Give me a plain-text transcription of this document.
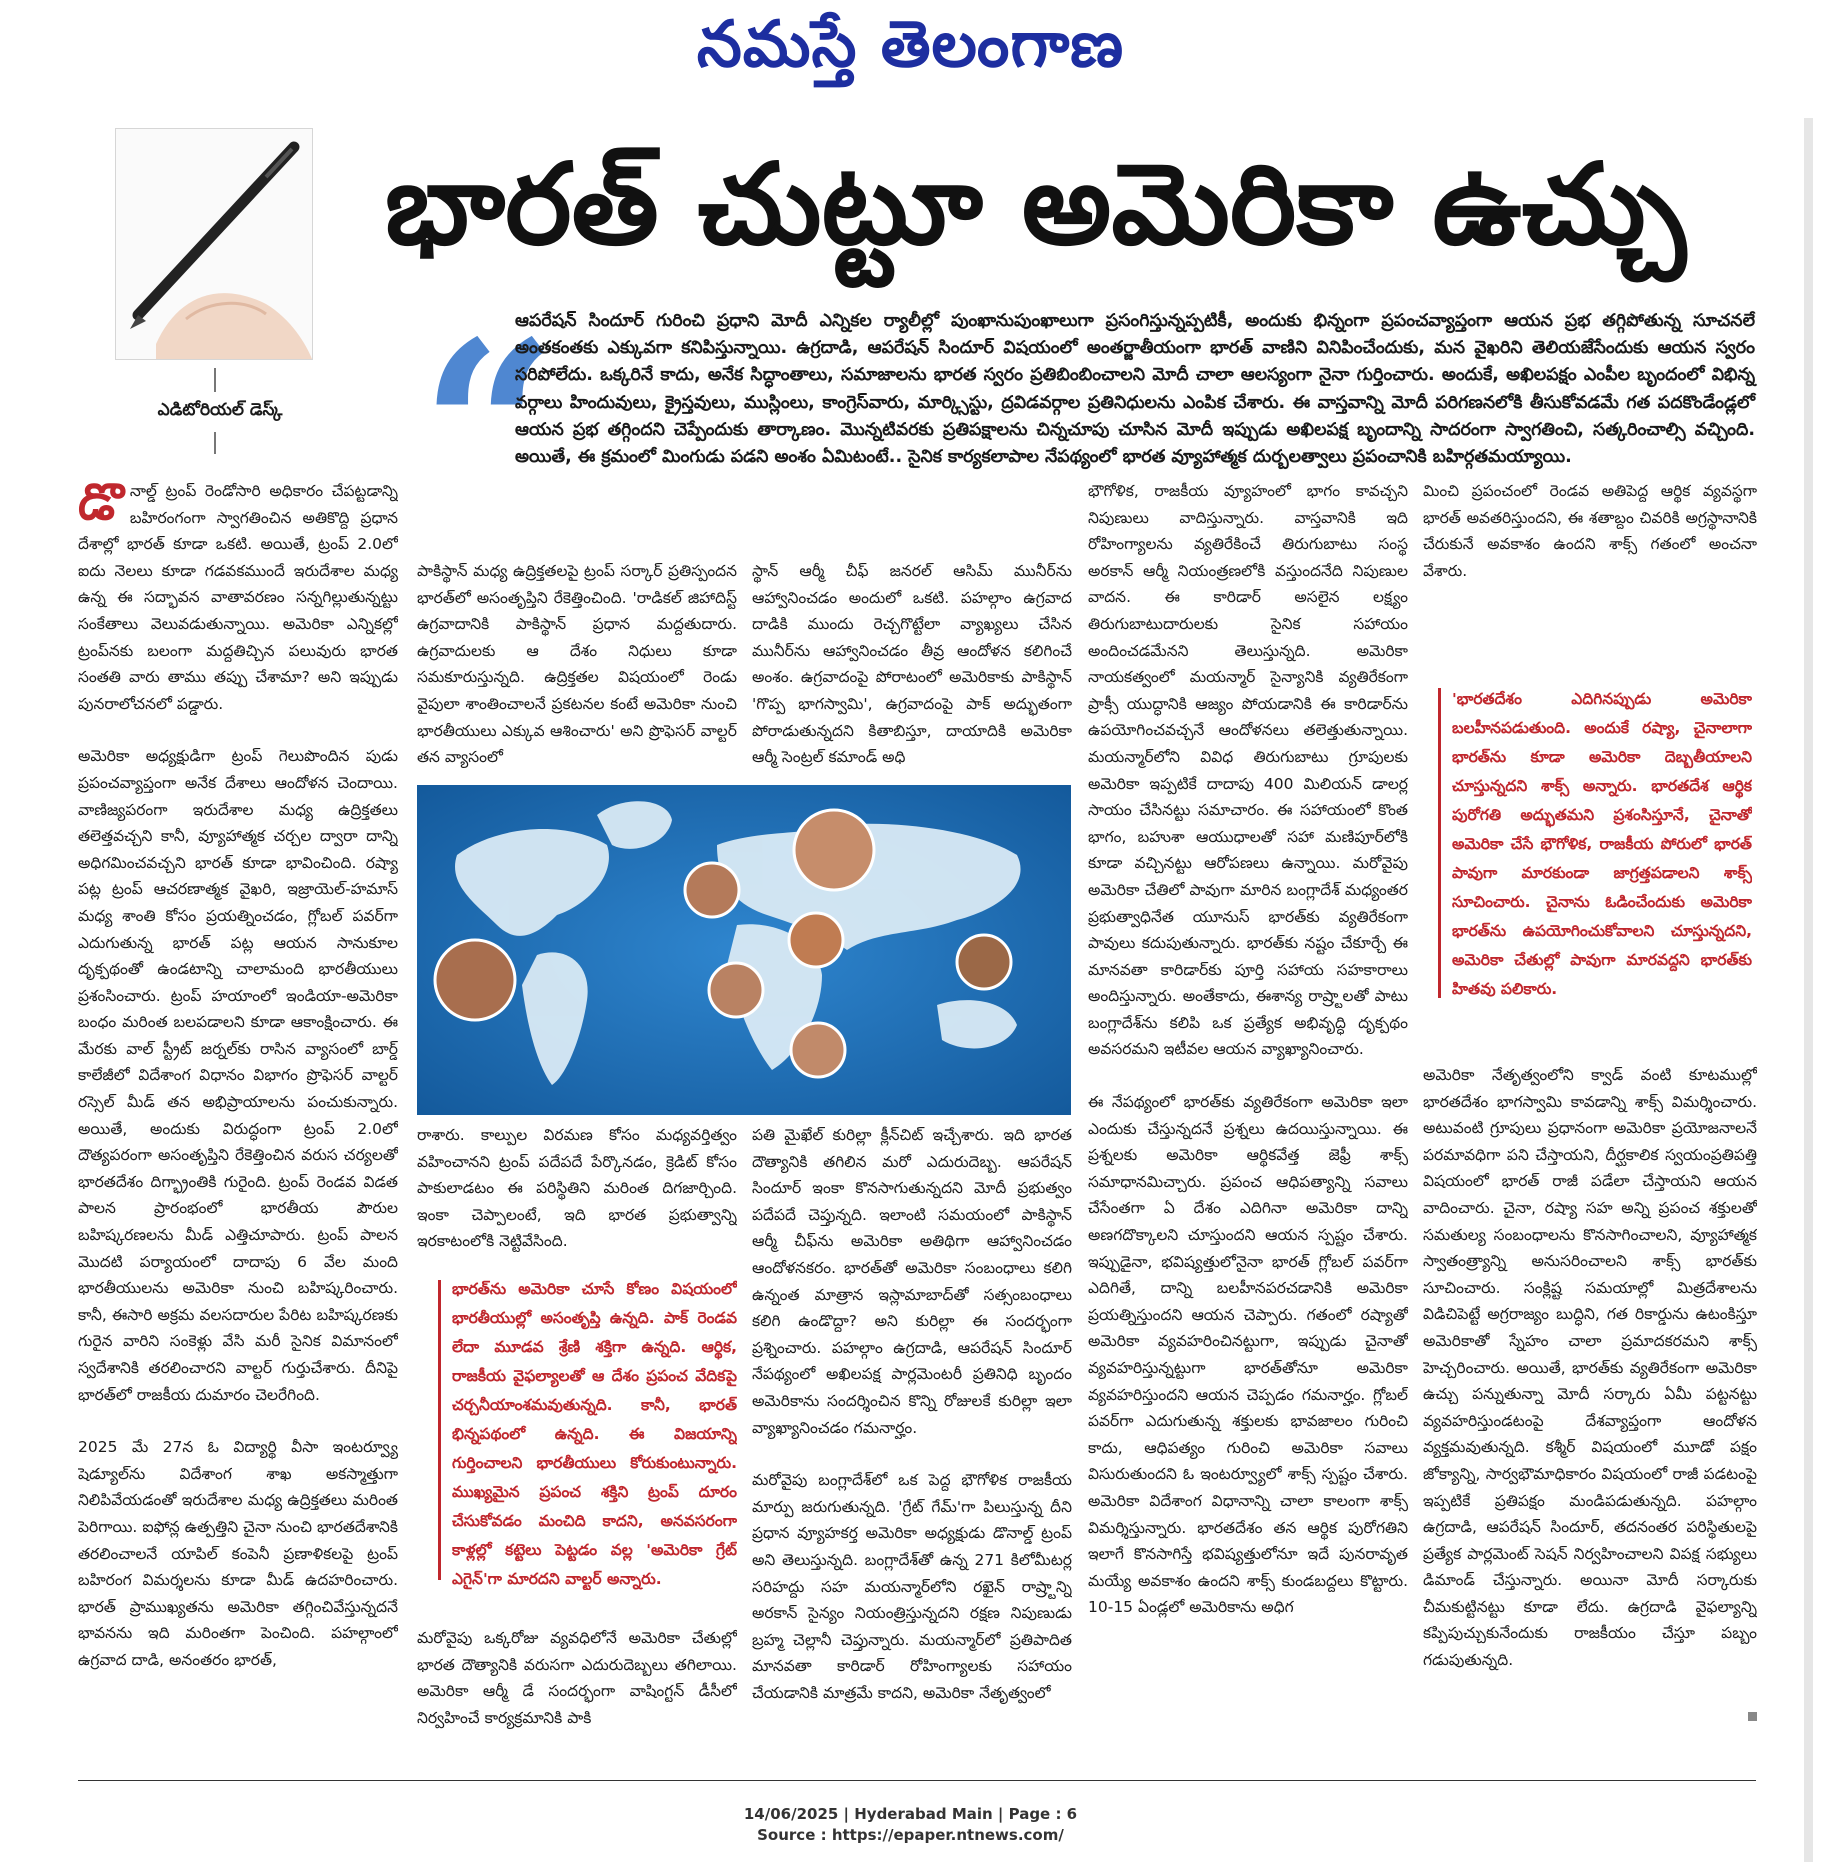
నమస్తే తెలంగాణ
ఎడిటోరియల్‌ డెస్క్‌
భారత్‌ చుట్టూ అమెరికా ఉచ్చు
“
ఆపరేషన్‌ సిందూర్‌ గురించి ప్రధాని మోదీ ఎన్నికల ర్యాలీల్లో పుంఖానుపుంఖాలుగా ప్రసంగిస్తున్నప్పటికీ, అందుకు భిన్నంగా ప్రపంచవ్యాప్తంగా ఆయన ప్రభ తగ్గిపోతున్న సూచనలే అంతకంతకు ఎక్కువగా కనిపిస్తున్నాయి. ఉగ్రదాడి, ఆపరేషన్‌ సిందూర్‌ విషయంలో అంతర్జాతీయంగా భారత్‌ వాణిని వినిపించేందుకు, మన వైఖరిని తెలియజేసేందుకు ఆయన స్వరం సరిపోలేదు. ఒక్కరినే కాదు, అనేక సిద్ధాంతాలు, సమాజాలను భారత స్వరం ప్రతిబింబించాలని మోదీ చాలా ఆలస్యంగా నైనా గుర్తించారు. అందుకే, అఖిలపక్షం ఎంపీల బృందంలో విభిన్న వర్గాలు హిందువులు, క్రైస్తవులు, ముస్లింలు, కాంగ్రెస్‌వారు, మార్క్సిస్టు, ద్రవిడవర్గాల ప్రతినిధులను ఎంపిక చేశారు. ఈ వాస్తవాన్ని మోదీ పరిగణనలోకి తీసుకోవడమే గత పదకొండేండ్లలో ఆయన ప్రభ తగ్గిందని చెప్పేందుకు తార్కాణం. మొన్నటివరకు ప్రతిపక్షాలను చిన్నచూపు చూసిన మోదీ ఇప్పుడు అఖిలపక్ష బృందాన్ని సాదరంగా స్వాగతించి, సత్కరించాల్సి వచ్చింది. అయితే, ఈ క్రమంలో మింగుడు పడని అంశం ఏమిటంటే.. సైనిక కార్యకలాపాల నేపథ్యంలో భారత వ్యూహాత్మక దుర్బలత్వాలు ప్రపంచానికి బహిర్గతమయ్యాయి.

డొనాల్డ్‌ ట్రంప్‌ రెండోసారి అధికారం చేపట్టడాన్ని బహిరంగంగా స్వాగతించిన అతికొద్ది ప్రధాన దేశాల్లో భారత్‌ కూడా ఒకటి. అయితే, ట్రంప్‌ 2.0లో ఐదు నెలలు కూడా గడవకముందే ఇరుదేశాల మధ్య ఉన్న ఈ సద్భావన వాతావరణం సన్నగిల్లుతున్నట్టు సంకేతాలు వెలువడుతున్నాయి. అమెరికా ఎన్నికల్లో ట్రంప్‌నకు బలంగా మద్దతిచ్చిన పలువురు భారత సంతతి వారు తాము తప్పు చేశామా? అని ఇప్పుడు పునరాలోచనలో పడ్డారు.

అమెరికా అధ్యక్షుడిగా ట్రంప్‌ గెలుపొందిన పుడు ప్రపంచవ్యాప్తంగా అనేక దేశాలు ఆందోళన చెందాయి. వాణిజ్యపరంగా ఇరుదేశాల మధ్య ఉద్రిక్తతలు తలెత్తవచ్చని కానీ, వ్యూహాత్మక చర్చల ద్వారా దాన్ని అధిగమించవచ్చని భారత్‌ కూడా భావించింది. రష్యా పట్ల ట్రంప్‌ ఆచరణాత్మక వైఖరి, ఇజ్రాయెల్‌-హమాస్‌ మధ్య శాంతి కోసం ప్రయత్నించడం, గ్లోబల్‌ పవర్‌గా ఎదుగుతున్న భారత్‌ పట్ల ఆయన సానుకూల దృక్పథంతో ఉండటాన్ని చాలామంది భారతీయులు ప్రశంసించారు. ట్రంప్‌ హయాంలో ఇండియా-అమెరికా బంధం మరింత బలపడాలని కూడా ఆకాంక్షించారు. ఈ మేరకు వాల్‌ స్ట్రీట్‌ జర్నల్‌కు రాసిన వ్యాసంలో బార్డ్‌ కాలేజీలో విదేశాంగ విధానం విభాగం ప్రొఫెసర్‌ వాల్టర్‌ రస్సెల్‌ మీడ్‌ తన అభిప్రాయాలను పంచుకున్నారు. అయితే, అందుకు విరుద్ధంగా ట్రంప్‌ 2.0లో దౌత్యపరంగా అసంతృప్తిని రేకెత్తించిన వరుస చర్యలతో భారతదేశం దిగ్భ్రాంతికి గురైంది. ట్రంప్‌ రెండవ విడత పాలన ప్రారంభంలో భారతీయ పౌరుల బహిష్కరణలను మీడ్‌ ఎత్తిచూపారు. ట్రంప్‌ పాలన మొదటి పర్యాయంలో దాదాపు 6 వేల మంది భారతీయులను అమెరికా నుంచి బహిష్కరించారు. కానీ, ఈసారి అక్రమ వలసదారుల పేరిట బహిష్కరణకు గురైన వారిని సంకెళ్లు వేసి మరీ సైనిక విమానంలో స్వదేశానికి తరలించారని వాల్టర్‌ గుర్తుచేశారు. దీనిపై భారత్‌లో రాజకీయ దుమారం చెలరేగింది.

2025 మే 27న ఓ విద్యార్థి వీసా ఇంటర్వ్యూ షెడ్యూల్‌ను విదేశాంగ శాఖ అకస్మాత్తుగా నిలిపివేయడంతో ఇరుదేశాల మధ్య ఉద్రిక్తతలు మరింత పెరిగాయి. ఐఫోన్ల ఉత్పత్తిని చైనా నుంచి భారతదేశానికి తరలించాలనే యాపిల్‌ కంపెనీ ప్రణాళికలపై ట్రంప్‌ బహిరంగ విమర్శలను కూడా మీడ్‌ ఉదహరించారు. భారత్‌ ప్రాముఖ్యతను అమెరికా తగ్గించివేస్తున్నదనే భావనను ఇది మరింతగా పెంచింది. పహల్గాంలో ఉగ్రవాద దాడి, అనంతరం భారత్‌,

పాకిస్థాన్‌ మధ్య ఉద్రిక్తతలపై ట్రంప్‌ సర్కార్‌ ప్రతిస్పందన భారత్‌లో అసంతృప్తిని రేకెత్తించింది. 'రాడికల్‌ జిహాదిస్ట్‌ ఉగ్రవాదానికి పాకిస్థాన్‌ ప్రధాన మద్దతుదారు. ఉగ్రవాదులకు ఆ దేశం నిధులు కూడా సమకూరుస్తున్నది. ఉద్రిక్తతల విషయంలో రెండు వైపులా శాంతించాలనే ప్రకటనల కంటే అమెరికా నుంచి భారతీయులు ఎక్కువ ఆశించారు' అని ప్రొఫెసర్‌ వాల్టర్‌ తన వ్యాసంలో
రాశారు. కాల్పుల విరమణ కోసం మధ్యవర్తిత్వం వహించానని ట్రంప్‌ పదేపదే పేర్కొనడం, క్రెడిట్‌ కోసం పాకులాడటం ఈ పరిస్థితిని మరింత దిగజార్చింది. ఇంకా చెప్పాలంటే, ఇది భారత ప్రభుత్వాన్ని ఇరకాటంలోకి నెట్టివేసింది.
భారత్‌ను అమెరికా చూసే కోణం విషయంలో భారతీయుల్లో అసంతృప్తి ఉన్నది. పాక్‌ రెండవ లేదా మూడవ శ్రేణి శక్తిగా ఉన్నది. ఆర్థిక, రాజకీయ వైఫల్యాలతో ఆ దేశం ప్రపంచ వేదికపై చర్చనీయాంశమవుతున్నది. కానీ, భారత్‌ భిన్నపథంలో ఉన్నది. ఈ విజయాన్ని గుర్తించాలని భారతీయులు కోరుకుంటున్నారు. ముఖ్యమైన ప్రపంచ శక్తిని ట్రంప్‌ దూరం చేసుకోవడం మంచిది కాదని, అనవసరంగా కాళ్లల్లో కట్టెలు పెట్టడం వల్ల 'అమెరికా గ్రేట్‌ ఎగైన్‌'గా మారదని వాల్టర్‌ అన్నారు.
మరోవైపు ఒక్కరోజు వ్యవధిలోనే అమెరికా చేతుల్లో భారత దౌత్యానికి వరుసగా ఎదురుదెబ్బలు తగిలాయి. అమెరికా ఆర్మీ డే సందర్భంగా వాషింగ్టన్‌ డీసీలో నిర్వహించే కార్యక్రమానికి పాకి
స్థాన్‌ ఆర్మీ చీఫ్‌ జనరల్‌ ఆసిమ్‌ మునీర్‌ను ఆహ్వానించడం అందులో ఒకటి. పహల్గాం ఉగ్రవాద దాడికి ముందు రెచ్చగొట్టేలా వ్యాఖ్యలు చేసిన మునీర్‌ను ఆహ్వానించడం తీవ్ర ఆందోళన కలిగించే అంశం. ఉగ్రవాదంపై పోరాటంలో అమెరికాకు పాకిస్థాన్‌ 'గొప్ప భాగస్వామి', ఉగ్రవాదంపై పాక్‌ అద్భుతంగా పోరాడుతున్నదని కితాబిస్తూ, దాయాదికి అమెరికా ఆర్మీ సెంట్రల్‌ కమాండ్‌ అధి

పతి మైఖేల్‌ కురిల్లా క్లీన్‌చిట్‌ ఇచ్చేశారు. ఇది భారత దౌత్యానికి తగిలిన మరో ఎదురుదెబ్బ. ఆపరేషన్‌ సిందూర్‌ ఇంకా కొనసాగుతున్నదని మోదీ ప్రభుత్వం పదేపదే చెప్తున్నది. ఇలాంటి సమయంలో పాకిస్థాన్‌ ఆర్మీ చీఫ్‌ను అమెరికా అతిథిగా ఆహ్వానించడం ఆందోళనకరం. భారత్‌తో అమెరికా సంబంధాలు కలిగి ఉన్నంత మాత్రాన ఇస్లామాబాద్‌తో సత్సంబంధాలు కలిగి ఉండొద్దా? అని కురిల్లా ఈ సందర్భంగా ప్రశ్నించారు. పహల్గాం ఉగ్రదాడి, ఆపరేషన్‌ సిందూర్‌ నేపథ్యంలో అఖిలపక్ష పార్లమెంటరీ ప్రతినిధి బృందం అమెరికాను సందర్శించిన కొన్ని రోజులకే కురిల్లా ఇలా వ్యాఖ్యానించడం గమనార్హం.

మరోవైపు బంగ్లాదేశ్‌లో ఒక పెద్ద భౌగోళిక రాజకీయ మార్పు జరుగుతున్నది. 'గ్రేట్‌ గేమ్‌'గా పిలుస్తున్న దీని ప్రధాన వ్యూహకర్త అమెరికా అధ్యక్షుడు డొనాల్డ్‌ ట్రంప్‌ అని తెలుస్తున్నది. బంగ్లాదేశ్‌తో ఉన్న 271 కిలోమీటర్ల సరిహద్దు సహ మయన్మార్‌లోని రఖైన్‌ రాష్ర్టాన్ని అరకాన్‌ సైన్యం నియంత్రిస్తున్నదని రక్షణ నిపుణుడు బ్రహ్మ చెల్లానీ చెప్తున్నారు. మయన్మార్‌లో ప్రతిపాదిత మానవతా కారిడార్‌ రోహింగ్యాలకు సహాయం చేయడానికి మాత్రమే కాదని, అమెరికా నేతృత్వంలో

భౌగోళిక, రాజకీయ వ్యూహంలో భాగం కావచ్చని నిపుణులు వాదిస్తున్నారు. వాస్తవానికి ఇది రోహింగ్యాలను వ్యతిరేకించే తిరుగుబాటు సంస్థ అరకాన్‌ ఆర్మీ నియంత్రణలోకి వస్తుందనేది నిపుణుల వాదన. ఈ కారిడార్‌ అసలైన లక్ష్యం తిరుగుబాటుదారులకు సైనిక సహాయం అందించడమేనని తెలుస్తున్నది. అమెరికా నాయకత్వంలో మయన్మార్‌ సైన్యానికి వ్యతిరేకంగా ప్రాక్సీ యుద్ధానికి ఆజ్యం పోయడానికి ఈ కారిడార్‌ను ఉపయోగించవచ్చనే ఆందోళనలు తలెత్తుతున్నాయి. మయన్మార్‌లోని వివిధ తిరుగుబాటు గ్రూపులకు అమెరికా ఇప్పటికే దాదాపు 400 మిలియన్‌ డాలర్ల సాయం చేసినట్టు సమాచారం. ఈ సహాయంలో కొంత భాగం, బహుశా ఆయుధాలతో సహా మణిపూర్‌లోకి కూడా వచ్చినట్టు ఆరోపణలు ఉన్నాయి. మరోవైపు అమెరికా చేతిలో పావుగా మారిన బంగ్లాదేశ్‌ మధ్యంతర ప్రభుత్వాధినేత యూనుస్‌ భారత్‌కు వ్యతిరేకంగా పావులు కదుపుతున్నారు. భారత్‌కు నష్టం చేకూర్చే ఈ మానవతా కారిడార్‌కు పూర్తి సహాయ సహకారాలు అందిస్తున్నారు. అంతేకాదు, ఈశాన్య రాష్ర్టాలతో పాటు బంగ్లాదేశ్‌ను కలిపి ఒక ప్రత్యేక అభివృద్ధి దృక్పథం అవసరమని ఇటీవల ఆయన వ్యాఖ్యానించారు.

ఈ నేపథ్యంలో భారత్‌కు వ్యతిరేకంగా అమెరికా ఇలా ఎందుకు చేస్తున్నదనే ప్రశ్నలు ఉదయిస్తున్నాయి. ఈ ప్రశ్నలకు అమెరికా ఆర్థికవేత్త జెఫ్రీ శాక్స్‌ సమాధానమిచ్చారు. ప్రపంచ ఆధిపత్యాన్ని సవాలు చేసేంతగా ఏ దేశం ఎదిగినా అమెరికా దాన్ని అణగదొక్కాలని చూస్తుందని ఆయన స్పష్టం చేశారు. ఇప్పుడైనా, భవిష్యత్తులోనైనా భారత్‌ గ్లోబల్‌ పవర్‌గా ఎదిగితే, దాన్ని బలహీనపరచడానికి అమెరికా ప్రయత్నిస్తుందని ఆయన చెప్పారు. గతంలో రష్యాతో అమెరికా వ్యవహరించినట్టుగా, ఇప్పుడు చైనాతో వ్యవహరిస్తున్నట్టుగా భారత్‌తోనూ అమెరికా వ్యవహరిస్తుందని ఆయన చెప్పడం గమనార్హం. గ్లోబల్‌ పవర్‌గా ఎదుగుతున్న శక్తులకు భావజాలం గురించి కాదు, ఆధిపత్యం గురించి అమెరికా సవాలు విసురుతుందని ఓ ఇంటర్వ్యూలో శాక్స్‌ స్పష్టం చేశారు. అమెరికా విదేశాంగ విధానాన్ని చాలా కాలంగా శాక్స్‌ విమర్శిస్తున్నారు. భారతదేశం తన ఆర్థిక పురోగతిని ఇలాగే కొనసాగిస్తే భవిష్యత్తులోనూ ఇదే పునరావృత మయ్యే అవకాశం ఉందని శాక్స్‌ కుండబద్దలు కొట్టారు. 10-15 ఏండ్లలో అమెరికాను అధిగ

మించి ప్రపంచంలో రెండవ అతిపెద్ద ఆర్థిక వ్యవస్థగా భారత్‌ అవతరిస్తుందని, ఈ శతాబ్దం చివరికి అగ్రస్థానానికి చేరుకునే అవకాశం ఉందని శాక్స్‌ గతంలో అంచనా వేశారు.
'భారతదేశం ఎదిగినప్పుడు అమెరికా బలహీనపడుతుంది. అందుకే రష్యా, చైనాలాగా భారత్‌ను కూడా అమెరికా దెబ్బతీయాలని చూస్తున్నదని శాక్స్‌ అన్నారు. భారతదేశ ఆర్థిక పురోగతి అద్భుతమని ప్రశంసిస్తూనే, చైనాతో అమెరికా చేసే భౌగోళిక, రాజకీయ పోరులో భారత్‌ పావుగా మారకుండా జాగ్రత్తపడాలని శాక్స్‌ సూచించారు. చైనాను ఓడించేందుకు అమెరికా భారత్‌ను ఉపయోగించుకోవాలని చూస్తున్నదని, అమెరికా చేతుల్లో పావుగా మారవద్దని భారత్‌కు హితవు పలికారు.
అమెరికా నేతృత్వంలోని క్వాడ్‌ వంటి కూటముల్లో భారతదేశం భాగస్వామి కావడాన్ని శాక్స్‌ విమర్శించారు. అటువంటి గ్రూపులు ప్రధానంగా అమెరికా ప్రయోజనాలనే పరమావధిగా పని చేస్తాయని, దీర్ఘకాలిక స్వయంప్రతిపత్తి విషయంలో భారత్‌ రాజీ పడేలా చేస్తాయని ఆయన వాదించారు. చైనా, రష్యా సహ అన్ని ప్రపంచ శక్తులతో సమతుల్య సంబంధాలను కొనసాగించాలని, వ్యూహాత్మక స్వాతంత్ర్యాన్ని అనుసరించాలని శాక్స్‌ భారత్‌కు సూచించారు. సంక్లిష్ట సమయాల్లో మిత్రదేశాలను విడిచిపెట్టే అగ్రరాజ్యం బుద్ధిని, గత రికార్డును ఉటంకిస్తూ అమెరికాతో స్నేహం చాలా ప్రమాదకరమని శాక్స్‌ హెచ్చరించారు. అయితే, భారత్‌కు వ్యతిరేకంగా అమెరికా ఉచ్చు పన్నుతున్నా మోదీ సర్కారు ఏమీ పట్టనట్టు వ్యవహరిస్తుండటంపై దేశవ్యాప్తంగా ఆందోళన వ్యక్తమవుతున్నది. కశ్మీర్‌ విషయంలో మూడో పక్షం జోక్యాన్ని, సార్వభౌమాధికారం విషయంలో రాజీ పడటంపై ఇప్పటికే ప్రతిపక్షం మండిపడుతున్నది. పహల్గాం ఉగ్రదాడి, ఆపరేషన్‌ సిందూర్‌, తదనంతర పరిస్థితులపై ప్రత్యేక పార్లమెంట్‌ సెషన్‌ నిర్వహించాలని విపక్ష సభ్యులు డిమాండ్‌ చేస్తున్నారు. అయినా మోదీ సర్కారుకు చీమకుట్టినట్టు కూడా లేదు. ఉగ్రదాడి వైఫల్యాన్ని కప్పిపుచ్చుకునేందుకు రాజకీయం చేస్తూ పబ్బం గడుపుతున్నది.
14/06/2025 | Hyderabad Main | Page : 6
Source : https://epaper.ntnews.com/
